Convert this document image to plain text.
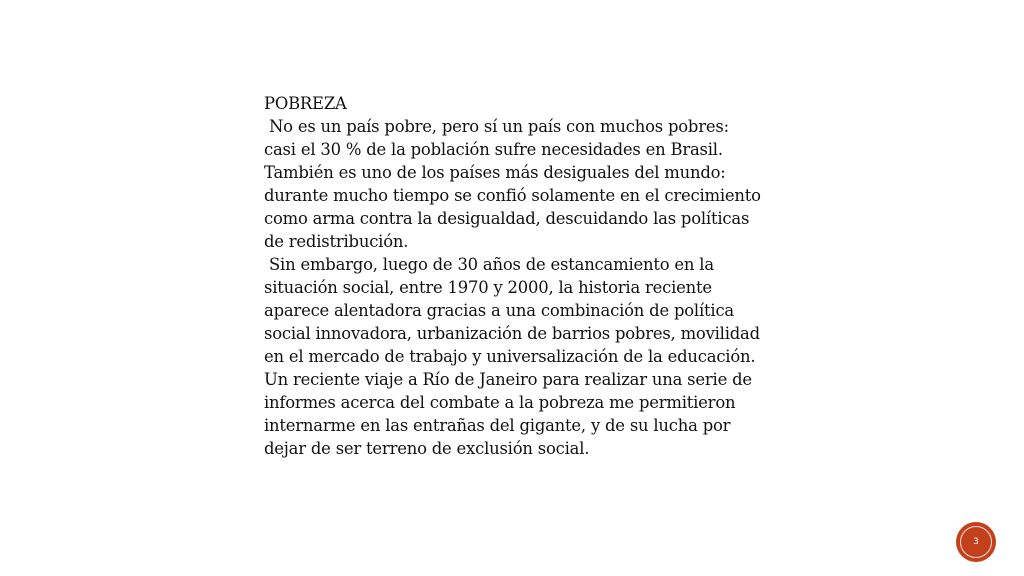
POBREZA

No es un país pobre, pero sí un país con muchos pobres: casi el 30 % de la población sufre necesidades en Brasil. También es uno de los países más desiguales del mundo: durante mucho tiempo se confió solamente en el crecimiento como arma contra la desigualdad, descuidando las políticas de redistribución.

Sin embargo, luego de 30 años de estancamiento en la situación social, entre 1970 y 2000, la historia reciente aparece alentadora gracias a una combinación de política social innovadora, urbanización de barrios pobres, movilidad en el mercado de trabajo y universalización de la educación. Un reciente viaje a Río de Janeiro para realizar una serie de informes acerca del combate a la pobreza me permitieron internarme en las entrañas del gigante, y de su lucha por dejar de ser terreno de exclusión social.

3
